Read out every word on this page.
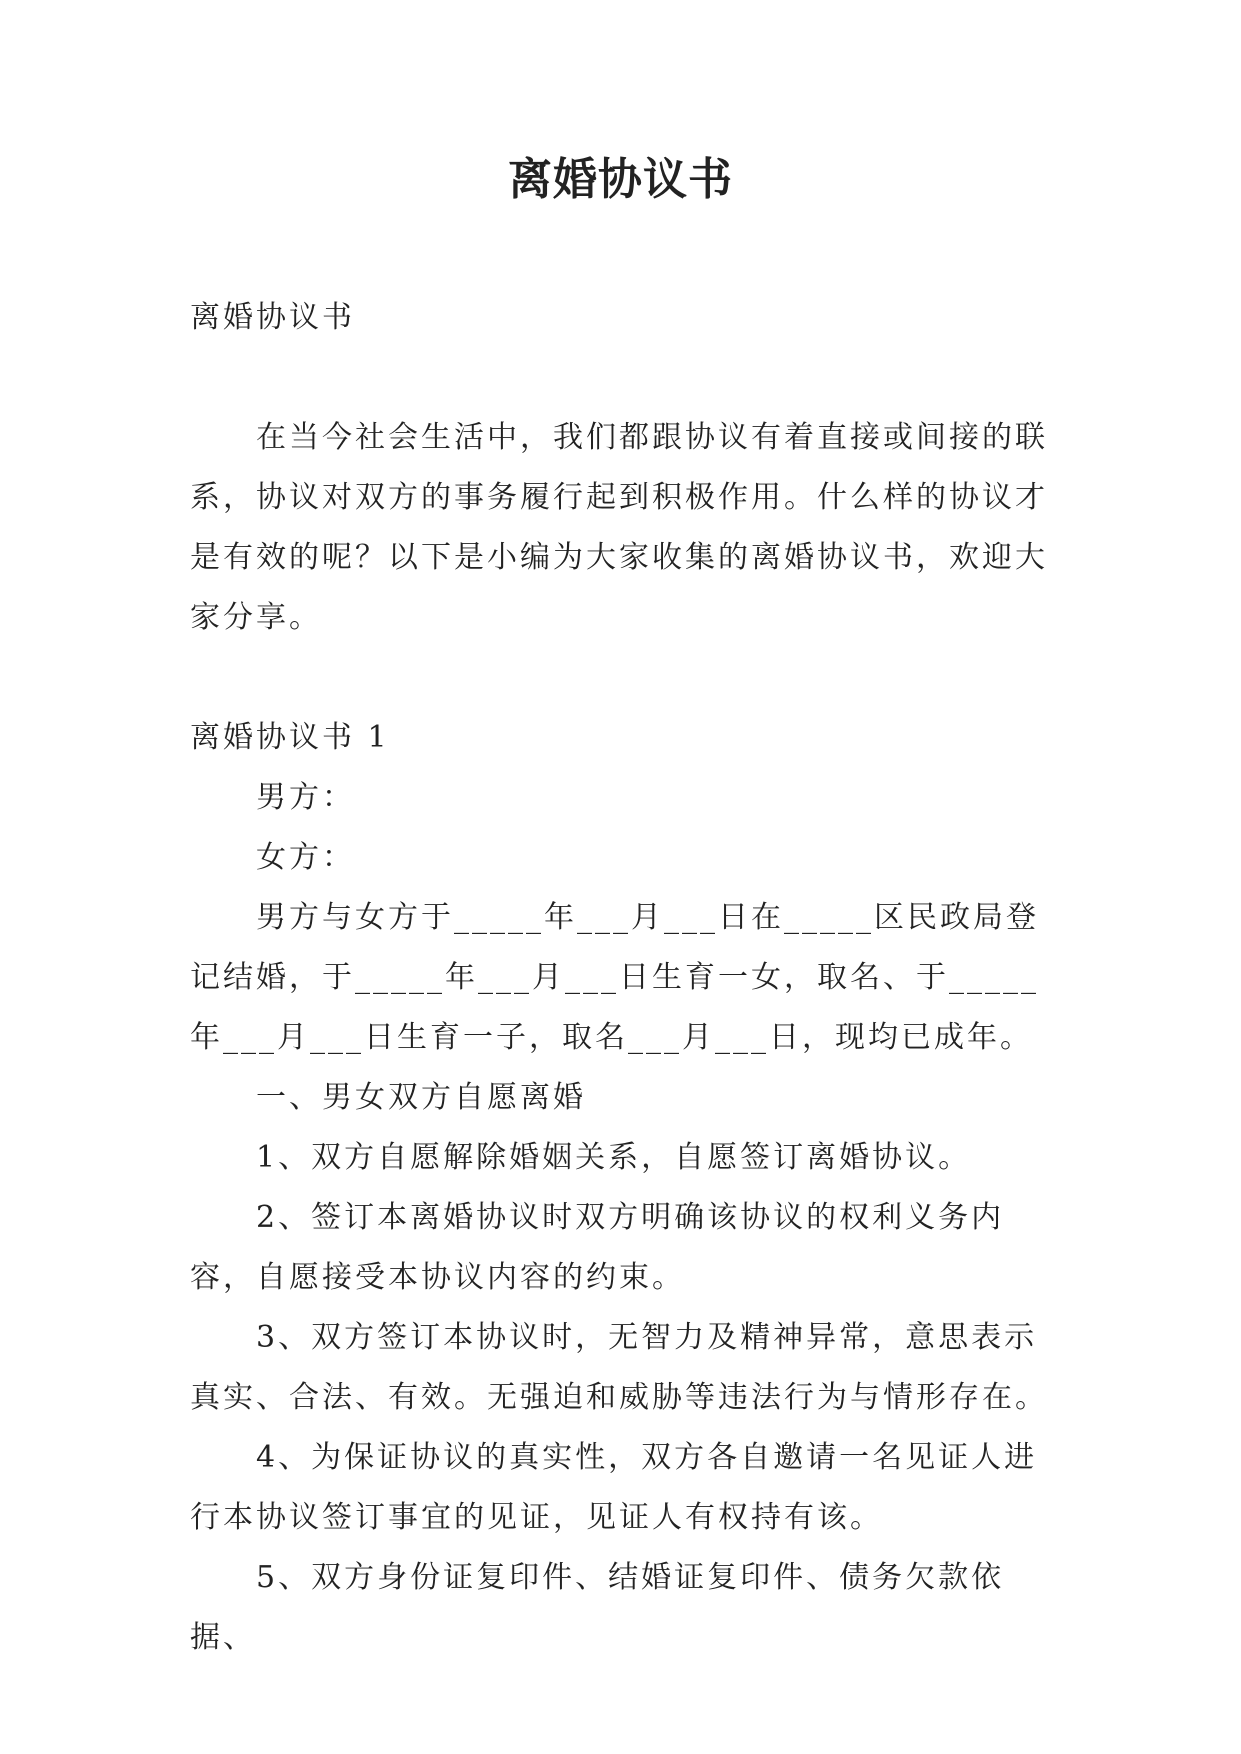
离婚协议书

离婚协议书

在当今社会生活中，我们都跟协议有着直接或间接的联系，协议对双方的事务履行起到积极作用。什么样的协议才是有效的呢？以下是小编为大家收集的离婚协议书，欢迎大家分享。

离婚协议书 1

男方：

女方：

男方与女方于_____年___月___日在_____区民政局登记结婚，于_____年___月___日生育一女，取名、于_____年___月___日生育一子，取名___月___日，现均已成年。

一、男女双方自愿离婚

1、双方自愿解除婚姻关系，自愿签订离婚协议。

2、签订本离婚协议时双方明确该协议的权利义务内容，自愿接受本协议内容的约束。

3、双方签订本协议时，无智力及精神异常，意思表示真实、合法、有效。无强迫和威胁等违法行为与情形存在。

4、为保证协议的真实性，双方各自邀请一名见证人进行本协议签订事宜的见证，见证人有权持有该。

5、双方身份证复印件、结婚证复印件、债务欠款依据、
